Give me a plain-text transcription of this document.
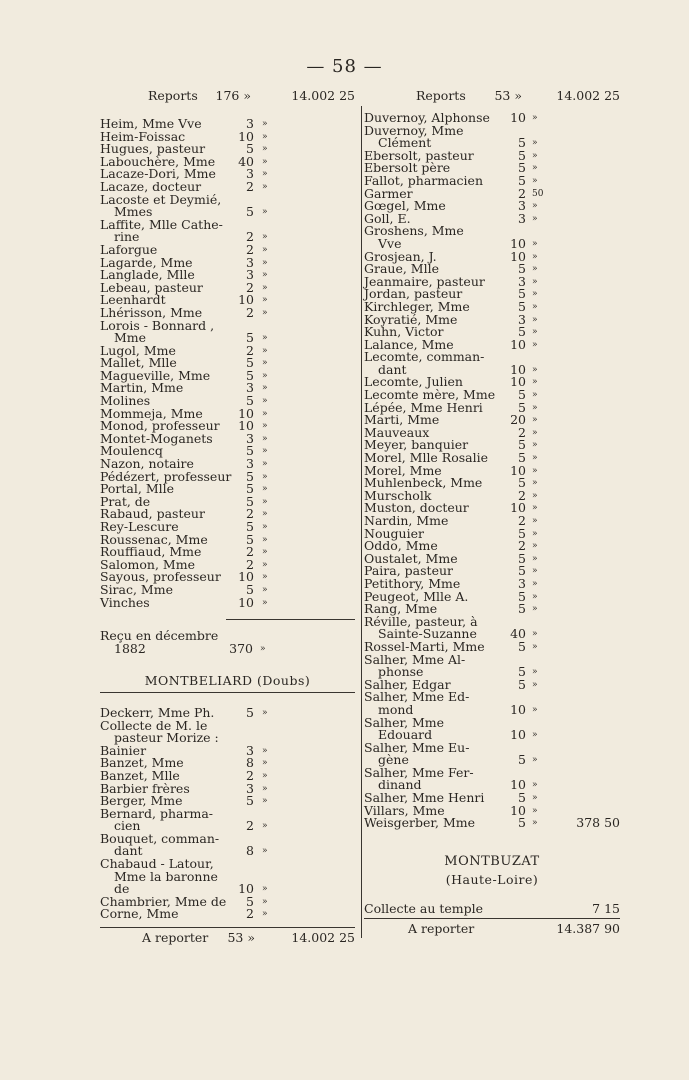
— 58 —
Reports 176 »	14.002 25
Heim, Mme Vve	3 »
Heim-Foissac	10 »
Hugues, pasteur	5 »
Labouchère, Mme 40 »
Lacaze-Dori, Mme 3 »
Lacaze, docteur	2 »
Lacoste et Deymié,
Mmes	5 »
Laffite, Mlle Cathe-
rine	2 »
Laforgue	2 »
Lagarde, Mme	3 »
Langlade, Mlle	3 »
Lebeau, pasteur	2 »
Leenhardt	10 »
Lhérisson, Mme	2 »
Lorois - Bonnard ,
Mme	5 »
Lugol, Mme	2 »
Mallet, Mlle	5 »
Magueville, Mme	5 »
Martin, Mme	3 »
Molines	5 »
Mommeja, Mme	10 »
Monod, professeur 10 »
Montet-Moganets	3 »
Moulencq	5 »
Nazon, notaire	3 »
Pédézert, professeur 5 »
Portal, Mlle	5 »
Prat, de	5 »
Rabaud, pasteur	2 »
Rey-Lescure	5 »
Roussenac, Mme	5 »
Rouffiaud, Mme	2 »
Salomon, Mme	2 »
Sayous, professeur 10 »
Sirac, Mme	5 »
Vinches	10 »
Reçu en décembre
1882	370 »
MONTBELIARD (Doubs)
Deckerr, Mme Ph.	5 »
Collecte de M. le
pasteur Morize :
Bainier	3 »
Banzet, Mme	8 »
Banzet, Mlle	2 »
Barbier frères	3 »
Berger, Mme	5 »
Bernard, pharma-
cien	2 »
Bouquet, comman-
dant	8 »
Chabaud - Latour,
Mme la baronne
de	10 »
Chambrier, Mme de 5 »
Corne, Mme	2 »
A reporter 53 »	14.002 25
Reports 53 »	14.002 25
Duvernoy, Alphonse 10 »
Duvernoy, Mme
Clément	5 »
Ebersolt, pasteur	5 »
Ebersolt père	5 »
Fallot, pharmacien	5 »
Garmer	2 50
Gœgel, Mme	3 »
Goll, E.	3 »
Groshens, Mme
Vve	10 »
Grosjean, J.	10 »
Graue, Mlle	5 »
Jeanmaire, pasteur	3 »
Jordan, pasteur	5 »
Kirchleger, Mme	5 »
Koyratié, Mme	3 »
Kuhn, Victor	5 »
Lalance, Mme	10 »
Lecomte, comman-
dant	10 »
Lecomte, Julien	10 »
Lecomte mère, Mme 5 »
Lépée, Mme Henri	5 »
Marti, Mme	20 »
Mauveaux	2 »
Meyer, banquier	5 »
Morel, Mlle Rosalie 5 »
Morel, Mme	10 »
Muhlenbeck, Mme	5 »
Murscholk	2 »
Muston, docteur	10 »
Nardin, Mme	2 »
Nouguier	5 »
Oddo, Mme	2 »
Oustalet, Mme	5 »
Paira, pasteur	5 »
Petithory, Mme	3 »
Peugeot, Mlle A.	5 »
Rang, Mme	5 »
Réville, pasteur, à
Sainte-Suzanne	40 »
Rossel-Marti, Mme	5 »
Salher, Mme Al-
phonse	5 »
Salher, Edgar	5 »
Salher, Mme Ed-
mond	10 »
Salher, Mme
Edouard	10 »
Salher, Mme Eu-
gène	5 »
Salher, Mme Fer-
dinand	10 »
Salher, Mme Henri	5 »
Villars, Mme	10 »
Weisgerber, Mme	5 »	378 50
MONTBUZAT
(Haute-Loire)
Collecte au temple	7 15
A reporter	14.387 90
